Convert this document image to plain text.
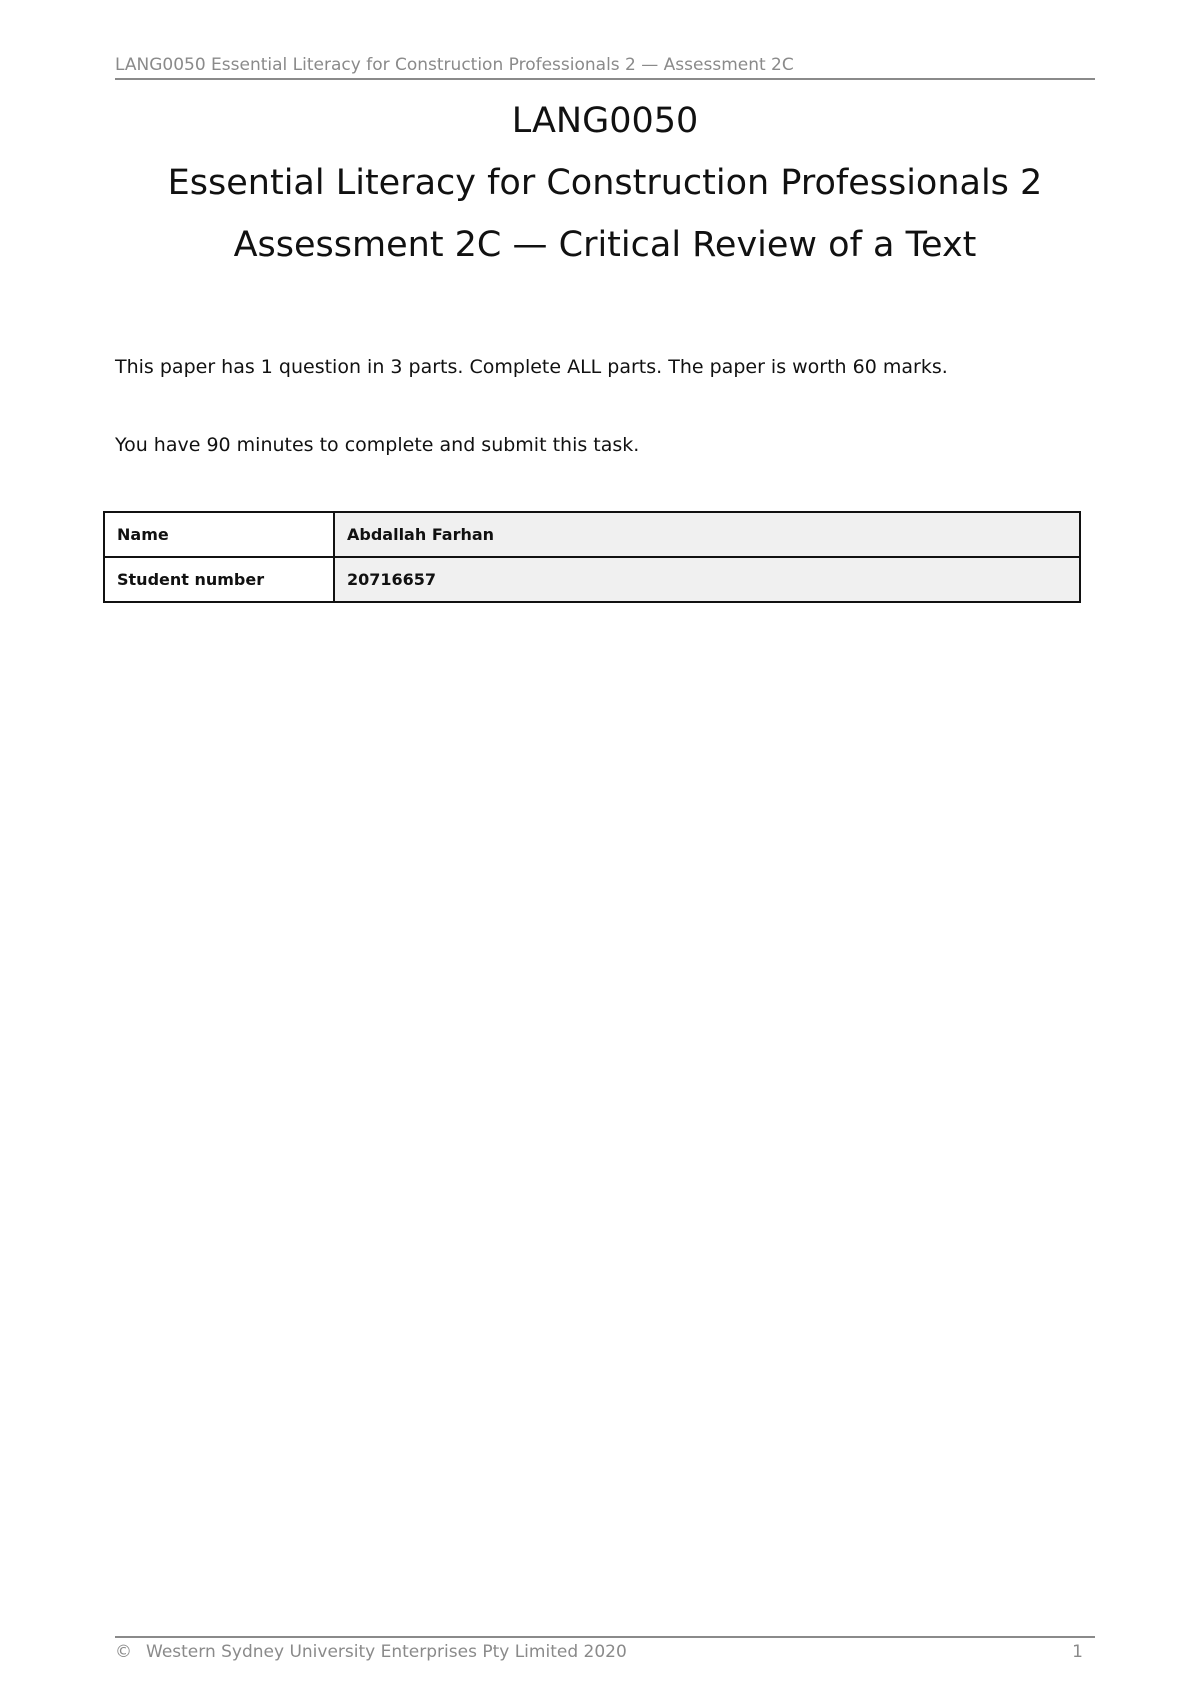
LANG0050 Essential Literacy for Construction Professionals 2 — Assessment 2C
LANG0050
Essential Literacy for Construction Professionals 2
Assessment 2C — Critical Review of a Text
This paper has 1 question in 3 parts. Complete ALL parts. The paper is worth 60 marks.
You have 90 minutes to complete and submit this task.
Name	Abdallah Farhan
Student number	20716657
© Western Sydney University Enterprises Pty Limited 2020	1
